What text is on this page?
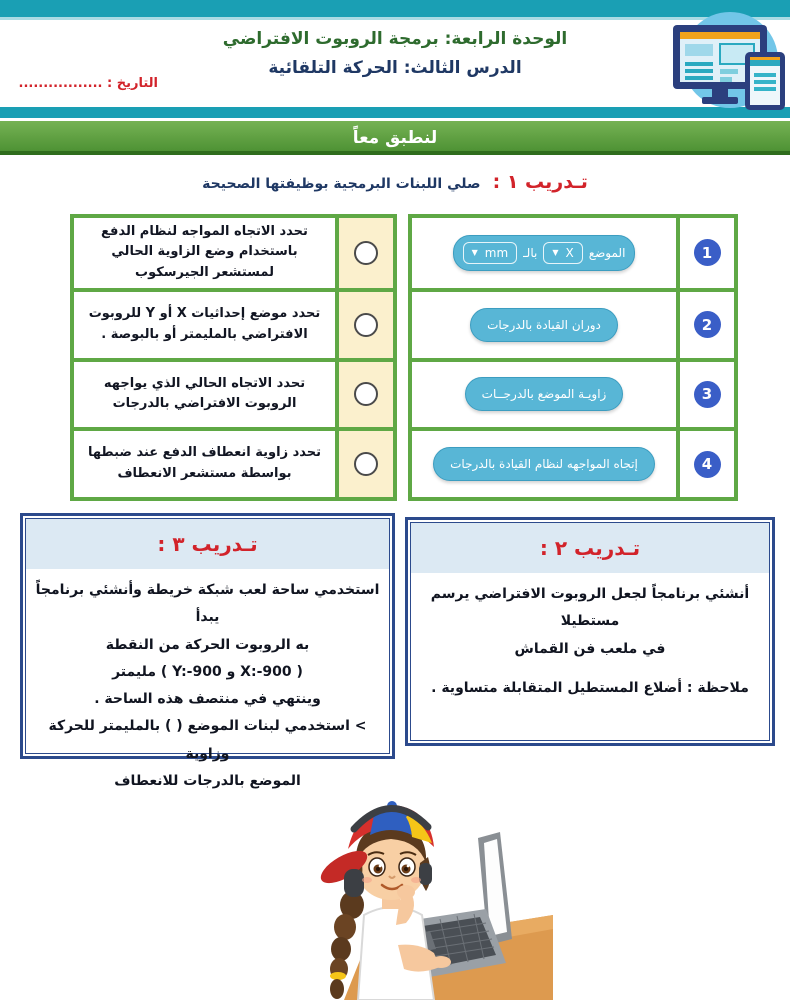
الوحدة الرابعة: برمجة الروبوت الافتراضي
الدرس الثالث: الحركة التلقائية
التاريخ : .................
لنطبق معاً
تـدريب ١ : صلي اللبنات البرمجية بوظيفتها الصحيحة
تحدد الاتجاه المواجه لنظام الدفع باستخدام وضع الزاوية الحالي لمستشعر الجيرسكوب
تحدد موضع إحداثيات X أو Y للروبوت الافتراضي بالمليمتر أو بالبوصة .
تحدد الاتجاه الحالي الذي يواجهه الروبوت الافتراضي بالدرجات
تحدد زاوية انعطاف الدفع عند ضبطها بواسطة مستشعر الانعطاف
1
الموضع
X
▼
بالـ
mm
▼
2
دوران القيادة بالدرجات
3
زاويـة الموضع بالدرجــات
4
إتجاه المواجهه لنظام القيادة بالدرجات
تـدريب ٣ :
استخدمي ساحة لعب شبكة خريطة وأنشئي برنامجاً يبدأ
به الروبوت الحركة من النقطة
( X:-900 و Y:-900 ) مليمتر
وينتهي في منتصف هذه الساحة .
> استخدمي لبنات الموضع ( ) بالمليمتر للحركة وزاوية
الموضع بالدرجات للانعطاف
تـدريب ٢ :
أنشئي برنامجاً لجعل الروبوت الافتراضي يرسم مستطيلا
في ملعب فن القماش
ملاحظة : أضلاع المستطيل المتقابلة متساوية .
